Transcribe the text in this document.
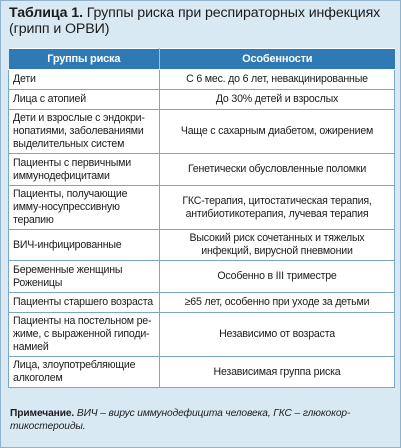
Таблица 1. Группы риска при респираторных инфекциях (грипп и ОРВИ)
Группы риска	Особенности
Дети	С 6 мес. до 6 лет, невакцинированные
Лица с атопией	До 30% детей и взрослых
Дети и взрослые с эндокри-нопатиями, заболеваниями выделительных систем	Чаще с сахарным диабетом, ожирением
Пациенты с первичными иммунодефицитами	Генетически обусловленные поломки
Пациенты, получающие имму-носупрессивную терапию	ГКС-терапия, цитостатическая терапия, антибиотикотерапия, лучевая терапия
ВИЧ-инфицированные	Высокий риск сочетанных и тяжелых инфекций, вирусной пневмонии
Беременные женщины Роженицы	Особенно в III триместре
Пациенты старшего возраста	≥65 лет, особенно при уходе за детьми
Пациенты на постельном ре-жиме, с выраженной гиподи-намией	Независимо от возраста
Лица, злоупотребляющие алкоголем	Независимая группа риска
Примечание. ВИЧ – вирус иммунодефицита человека, ГКС – глюкокор-тикостероиды.
